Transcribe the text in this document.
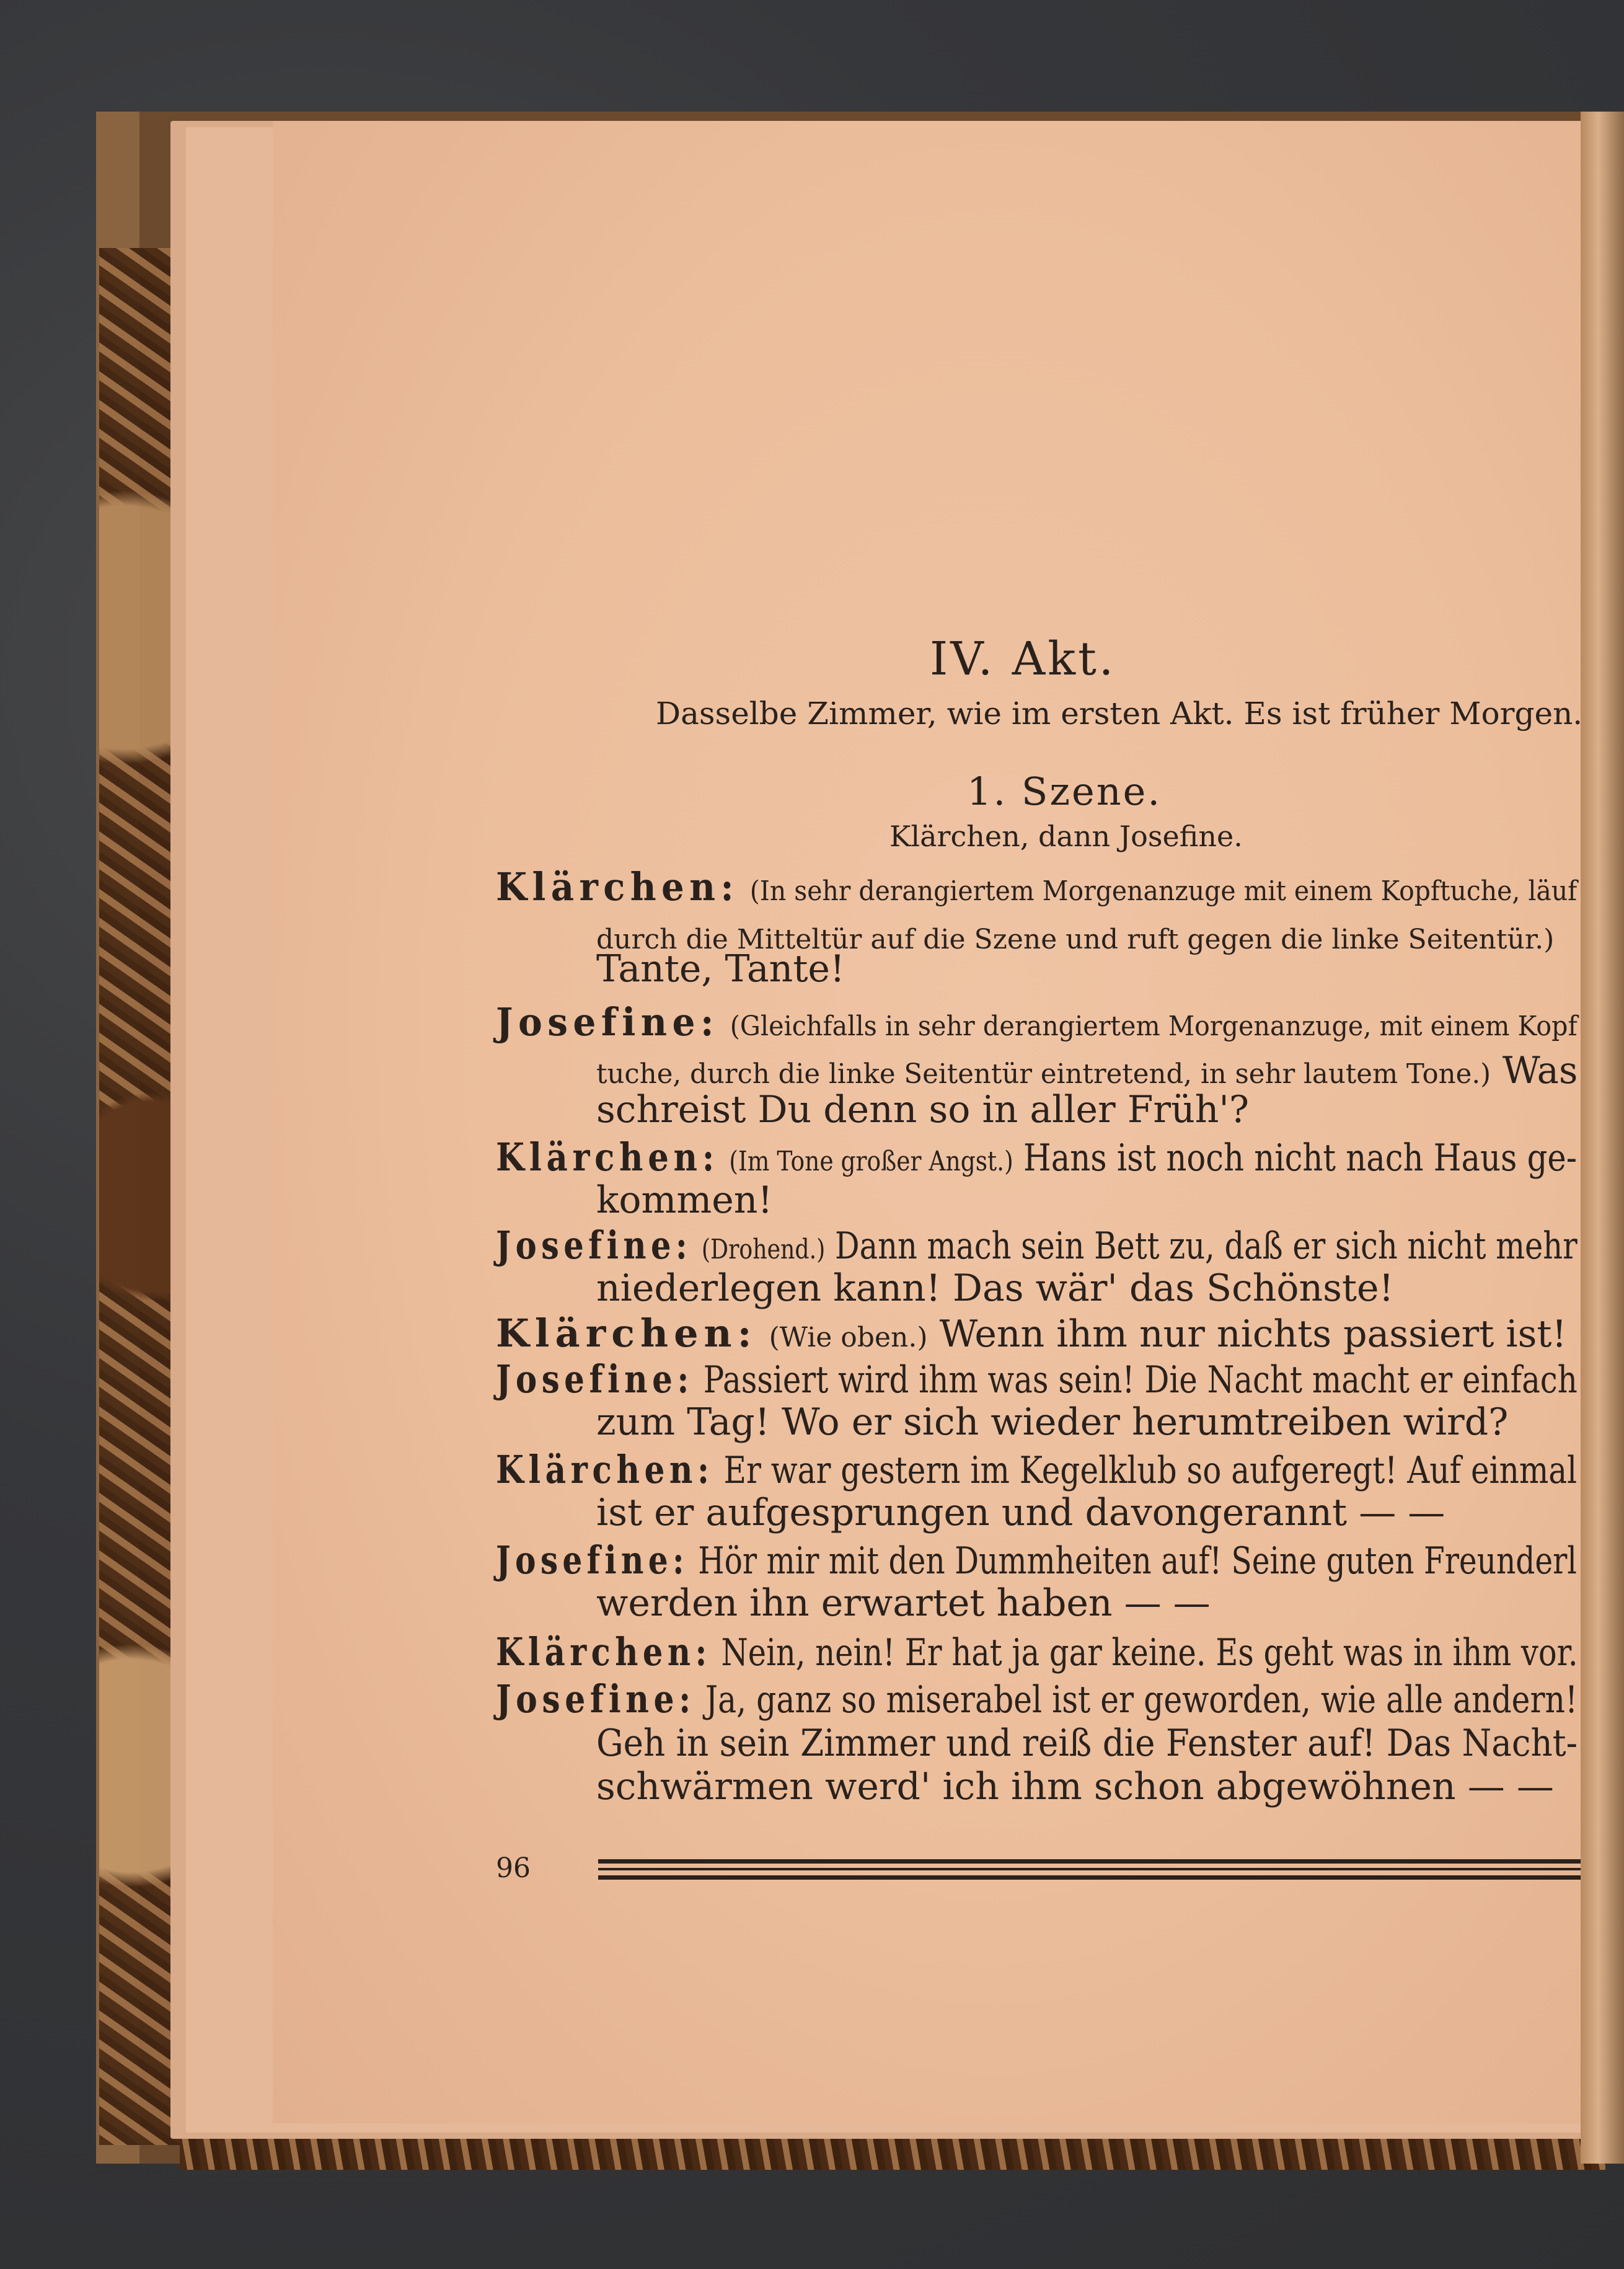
IV. Akt.
Dasselbe Zimmer, wie im ersten Akt. Es ist früher Morgen.
1. Szene.
Klärchen, dann Josefine.
Klärchen: (In sehr derangiertem Morgenanzuge mit einem Kopftuche, läuf
durch die Mitteltür auf die Szene und ruft gegen die linke Seitentür.)
Tante, Tante!
Josefine: (Gleichfalls in sehr derangiertem Morgenanzuge, mit einem Kopf
tuche, durch die linke Seitentür eintretend, in sehr lautem Tone.) Was
schreist Du denn so in aller Früh'?
Klärchen: (Im Tone großer Angst.) Hans ist noch nicht nach Haus ge-
kommen!
Josefine: (Drohend.) Dann mach sein Bett zu, daß er sich nicht mehr
niederlegen kann! Das wär' das Schönste!
Klärchen: (Wie oben.) Wenn ihm nur nichts passiert ist!
Josefine: Passiert wird ihm was sein! Die Nacht macht er einfach
zum Tag! Wo er sich wieder herumtreiben wird?
Klärchen: Er war gestern im Kegelklub so aufgeregt! Auf einmal
ist er aufgesprungen und davongerannt — —
Josefine: Hör mir mit den Dummheiten auf! Seine guten Freunderl
werden ihn erwartet haben — —
Klärchen: Nein, nein! Er hat ja gar keine. Es geht was in ihm vor.
Josefine: Ja, ganz so miserabel ist er geworden, wie alle andern!
Geh in sein Zimmer und reiß die Fenster auf! Das Nacht-
schwärmen werd' ich ihm schon abgewöhnen — —
96
